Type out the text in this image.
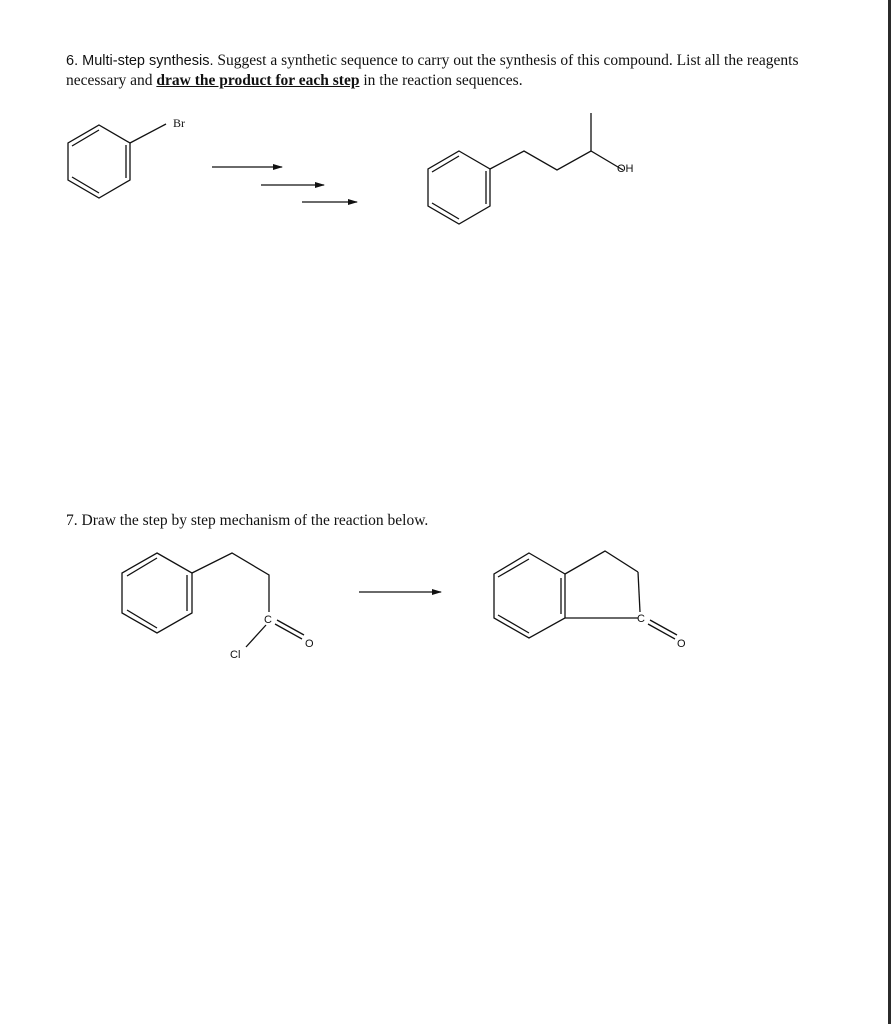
6. Multi-step synthesis. Suggest a synthetic sequence to carry out the synthesis of this compound. List all the reagents necessary and draw the product for each step in the reaction sequences.
7. Draw the step by step mechanism of the reaction below.
Br
OH
C
Cl
O
C
O
